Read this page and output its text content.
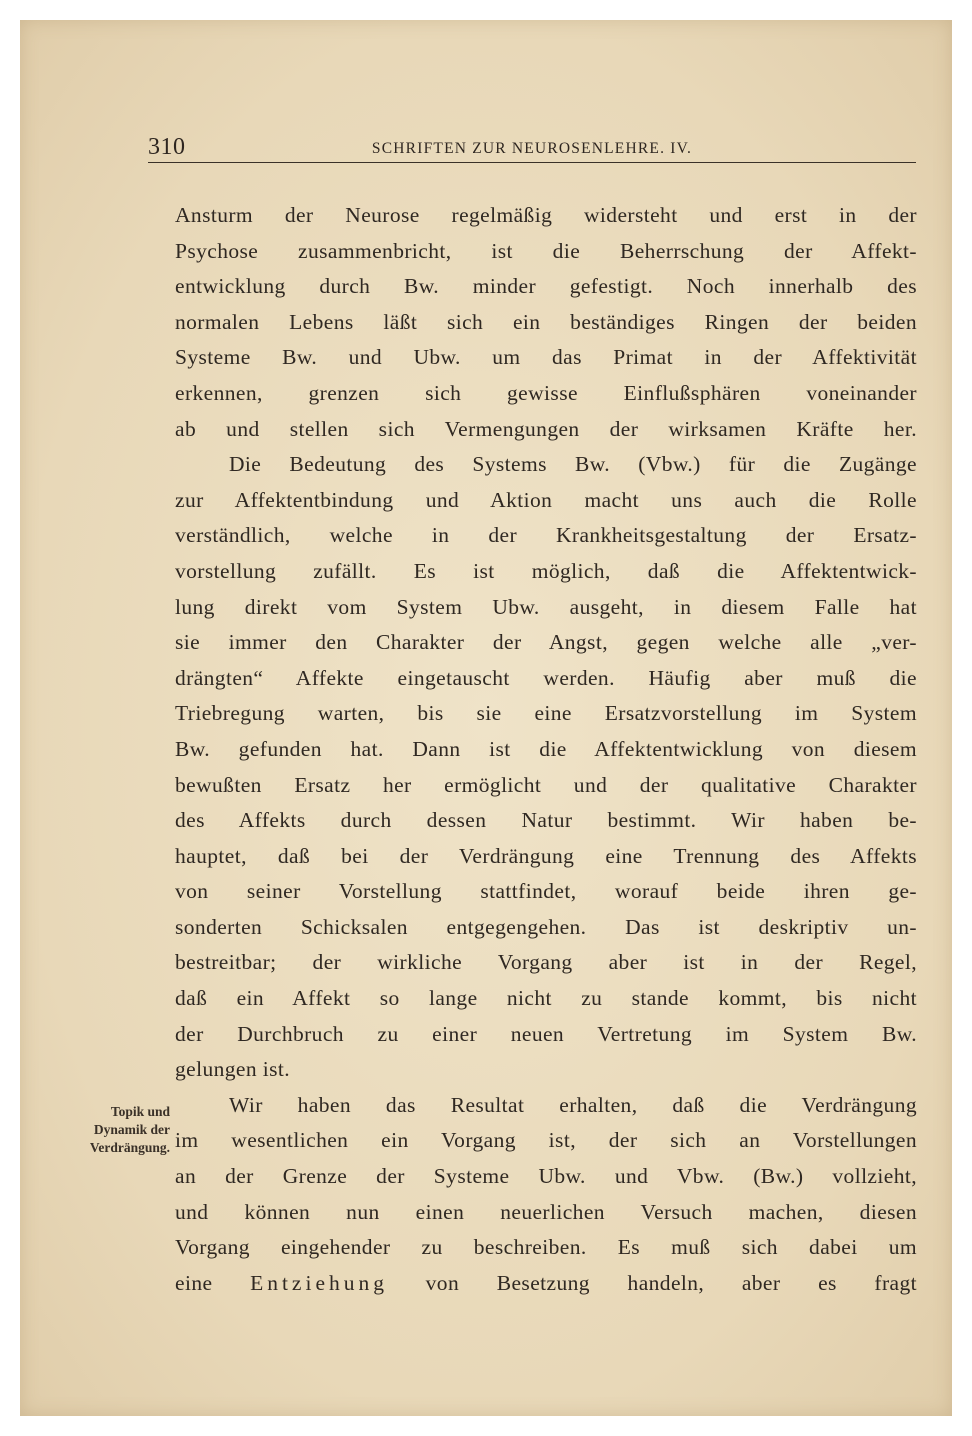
310	SCHRIFTEN ZUR NEUROSENLEHRE. IV.
Topik und
Dynamik der
Verdrängung.
Ansturm der Neurose regelmäßig widersteht und erst in der
Psychose zusammenbricht, ist die Beherrschung der Affekt-
entwicklung durch Bw. minder gefestigt. Noch innerhalb des
normalen Lebens läßt sich ein beständiges Ringen der beiden
Systeme Bw. und Ubw. um das Primat in der Affektivität
erkennen, grenzen sich gewisse Einflußsphären voneinander
ab und stellen sich Vermengungen der wirksamen Kräfte her.
Die Bedeutung des Systems Bw. (Vbw.) für die Zugänge
zur Affektentbindung und Aktion macht uns auch die Rolle
verständlich, welche in der Krankheitsgestaltung der Ersatz-
vorstellung zufällt. Es ist möglich, daß die Affektentwick-
lung direkt vom System Ubw. ausgeht, in diesem Falle hat
sie immer den Charakter der Angst, gegen welche alle „ver-
drängten“ Affekte eingetauscht werden. Häufig aber muß die
Triebregung warten, bis sie eine Ersatzvorstellung im System
Bw. gefunden hat. Dann ist die Affektentwicklung von diesem
bewußten Ersatz her ermöglicht und der qualitative Charakter
des Affekts durch dessen Natur bestimmt. Wir haben be-
hauptet, daß bei der Verdrängung eine Trennung des Affekts
von seiner Vorstellung stattfindet, worauf beide ihren ge-
sonderten Schicksalen entgegengehen. Das ist deskriptiv un-
bestreitbar; der wirkliche Vorgang aber ist in der Regel,
daß ein Affekt so lange nicht zu stande kommt, bis nicht
der Durchbruch zu einer neuen Vertretung im System Bw.
gelungen ist.
Wir haben das Resultat erhalten, daß die Verdrängung
im wesentlichen ein Vorgang ist, der sich an Vorstellungen
an der Grenze der Systeme Ubw. und Vbw. (Bw.) vollzieht,
und können nun einen neuerlichen Versuch machen, diesen
Vorgang eingehender zu beschreiben. Es muß sich dabei um
eine Entziehung von Besetzung handeln, aber es fragt
